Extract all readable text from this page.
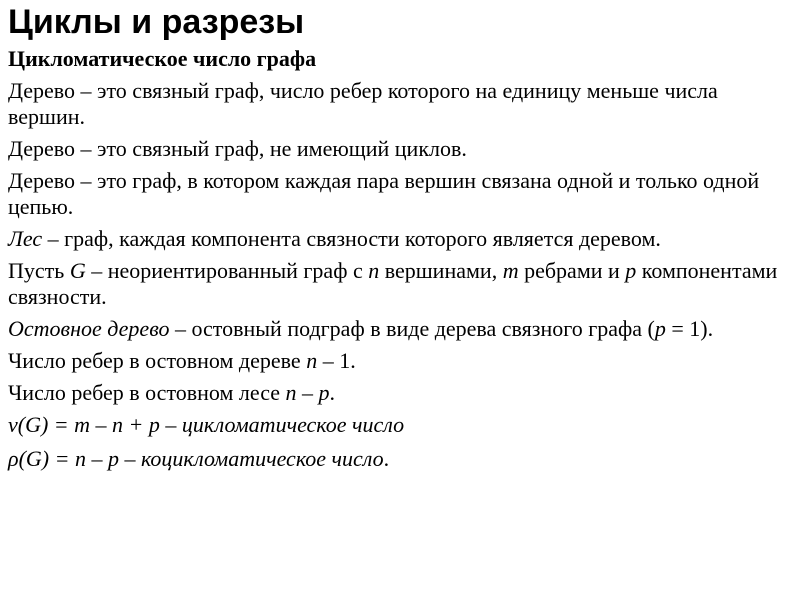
Циклы и разрезы
Цикломатическое число графа
Дерево – это связный граф, число ребер которого на единицу меньше числа вершин.
Дерево – это связный граф, не имеющий циклов.
Дерево – это граф, в котором каждая пара вершин связана одной и только одной цепью.
Лес – граф, каждая компонента связности которого является деревом.
Пусть G – неориентированный граф с n вершинами, m ребрами и p компонентами связности.
Остовное дерево – остовный подграф в виде дерева связного графа (p = 1).
Число ребер в остовном дереве n – 1.
Число ребер в остовном лесе n – p.
ν(G) = m – n + p – цикломатическое число
ρ(G) = n – p – коцикломатическое число.
